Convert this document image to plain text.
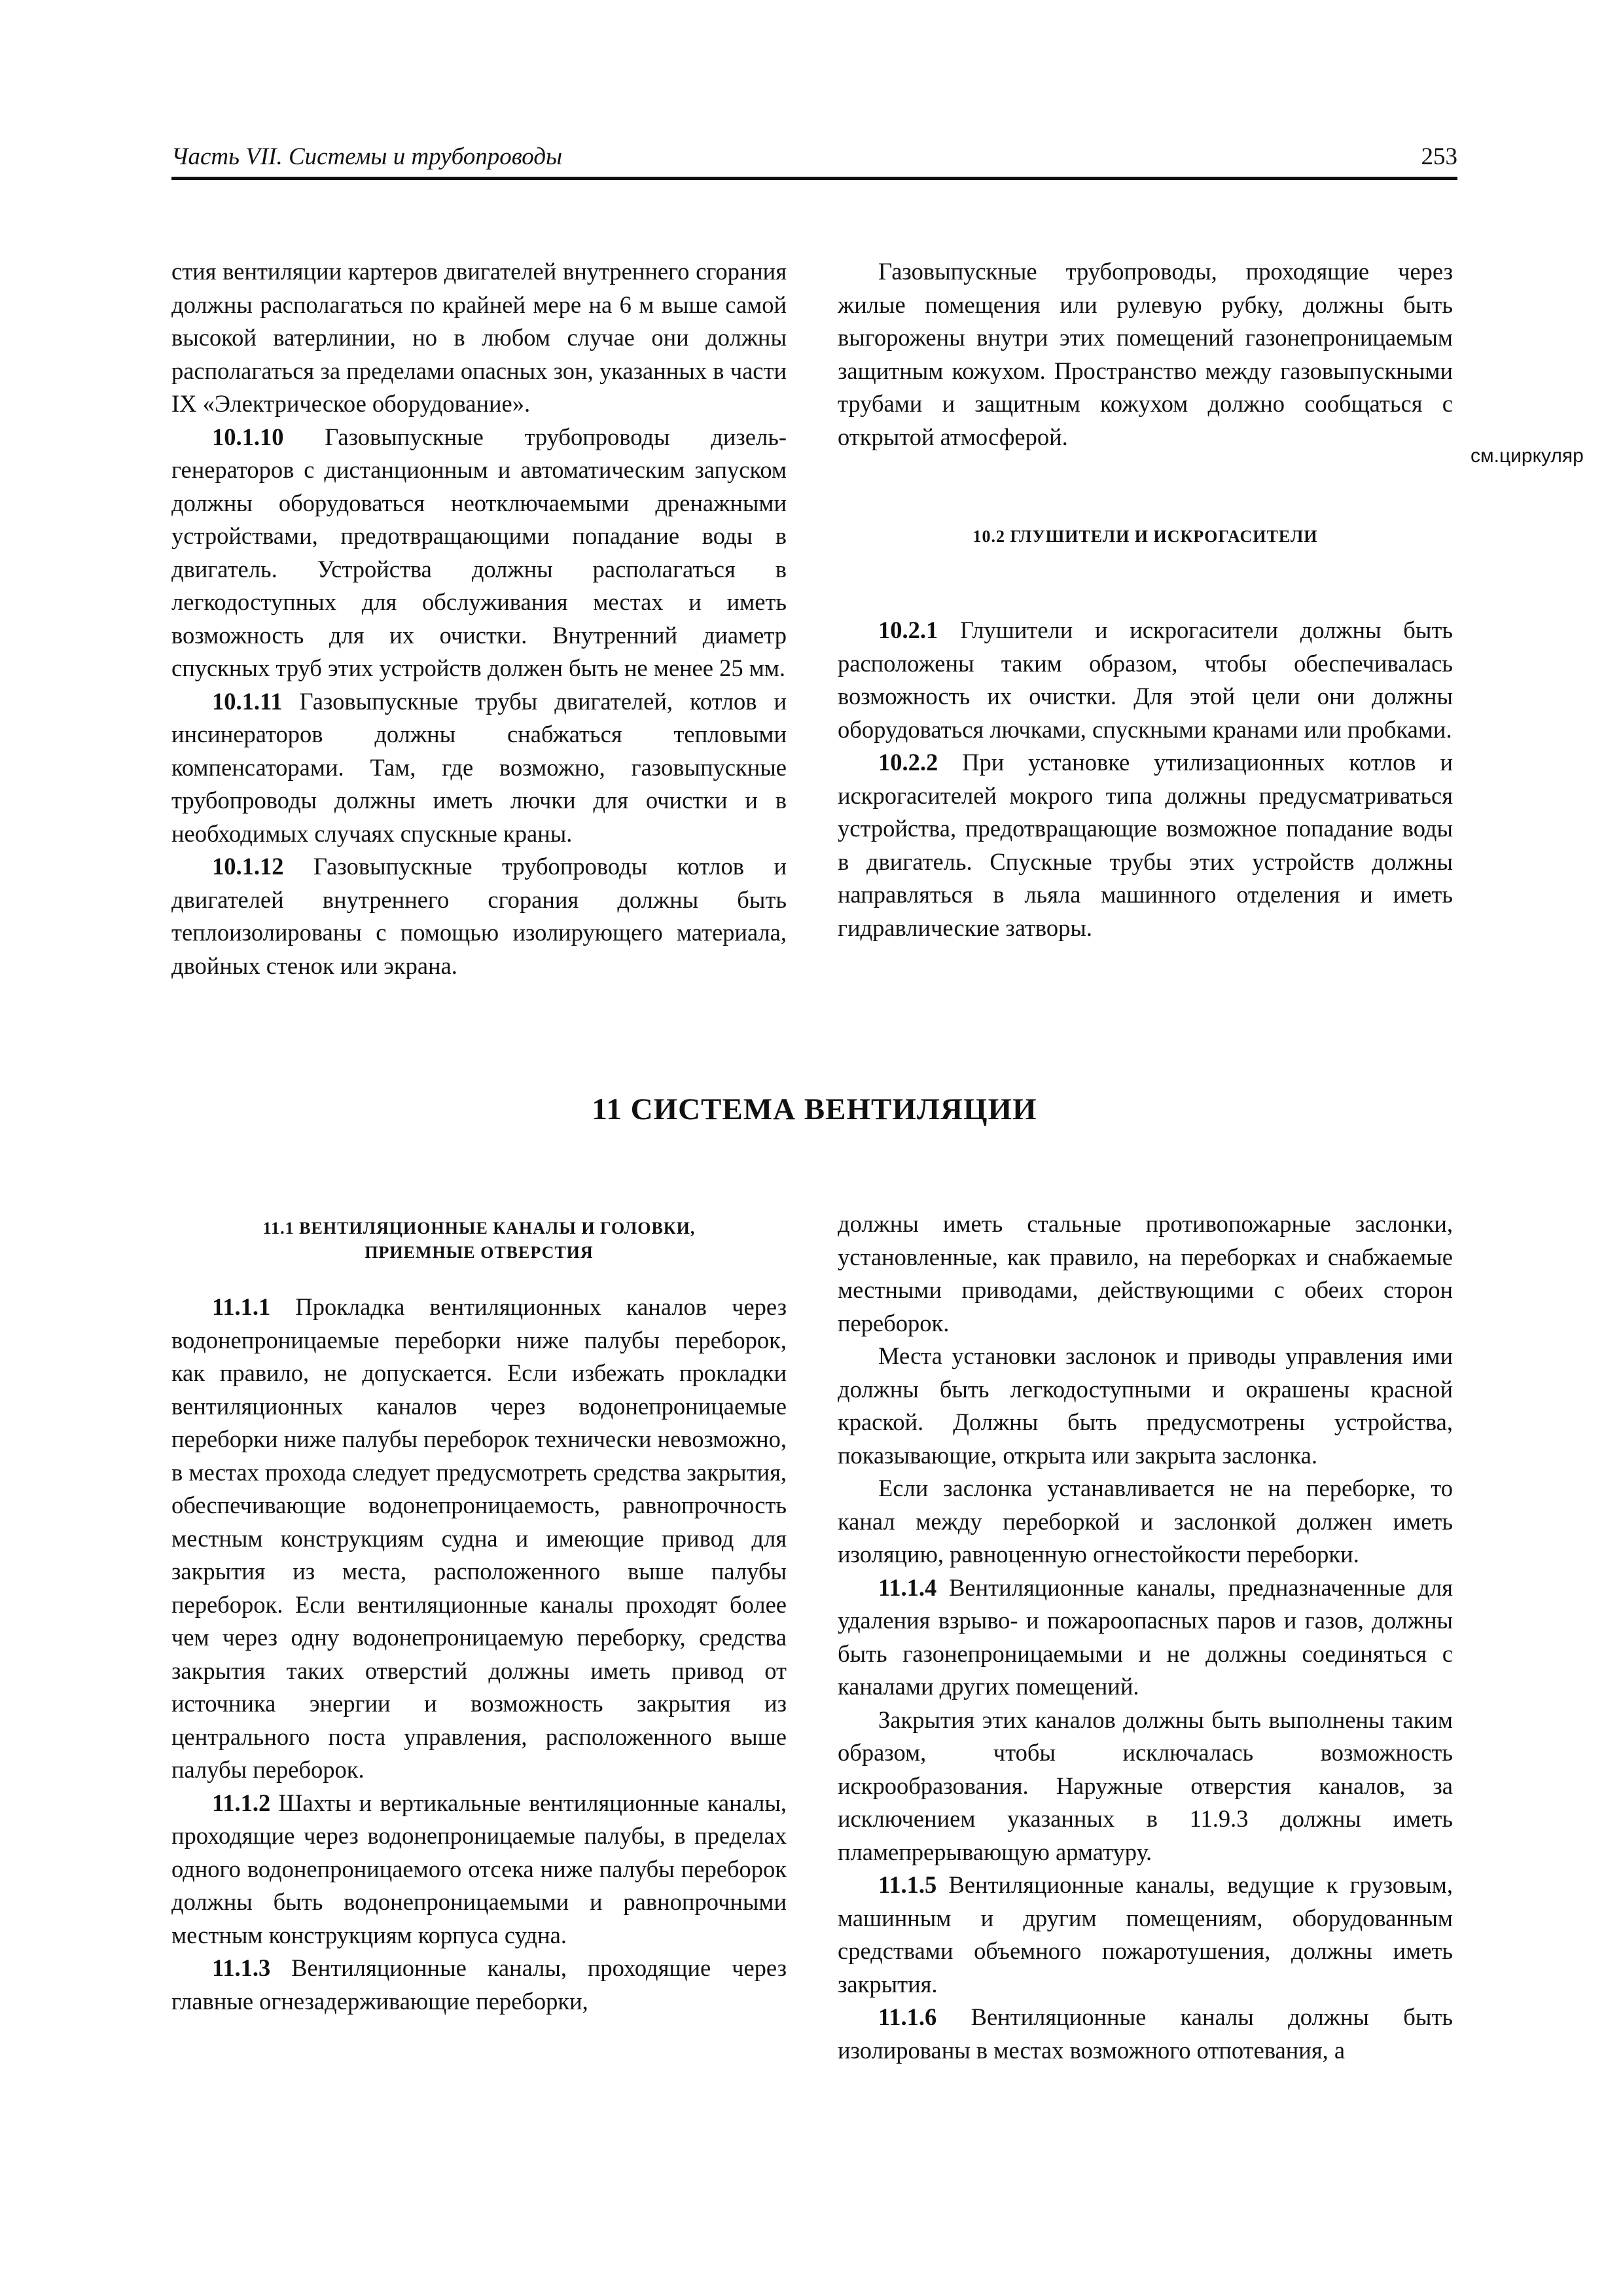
Часть VII. Системы и трубопроводы	253
см.циркуляр

стия вентиляции картеров двигателей внутреннего сгорания должны располагаться по крайней мере на 6 м выше самой высокой ватерлинии, но в любом случае они должны располагаться за пределами опасных зон, указанных в части IX «Электрическое оборудование».

10.1.10 Газовыпускные трубопроводы дизель-генераторов с дистанционным и автоматическим запуском должны оборудоваться неотключаемыми дренажными устройствами, предотвращающими попадание воды в двигатель. Устройства должны располагаться в легкодоступных для обслуживания местах и иметь возможность для их очистки. Внутренний диаметр спускных труб этих устройств должен быть не менее 25 мм.

10.1.11 Газовыпускные трубы двигателей, котлов и инсинераторов должны снабжаться тепловыми компенсаторами. Там, где возможно, газовыпускные трубопроводы должны иметь лючки для очистки и в необходимых случаях спускные краны.

10.1.12 Газовыпускные трубопроводы котлов и двигателей внутреннего сгорания должны быть теплоизолированы с помощью изолирующего материала, двойных стенок или экрана.

Газовыпускные трубопроводы, проходящие через жилые помещения или рулевую рубку, должны быть выгорожены внутри этих помещений газонепроницаемым защитным кожухом. Пространство между газовыпускными трубами и защитным кожухом должно сообщаться с открытой атмосферой.

10.2 ГЛУШИТЕЛИ И ИСКРОГАСИТЕЛИ

10.2.1 Глушители и искрогасители должны быть расположены таким образом, чтобы обеспечивалась возможность их очистки. Для этой цели они должны оборудоваться лючками, спускными кранами или пробками.

10.2.2 При установке утилизационных котлов и искрогасителей мокрого типа должны предусматриваться устройства, предотвращающие возможное попадание воды в двигатель. Спускные трубы этих устройств должны направляться в льяла машинного отделения и иметь гидравлические затворы.

11 СИСТЕМА ВЕНТИЛЯЦИИ
11.1 ВЕНТИЛЯЦИОННЫЕ КАНАЛЫ И ГОЛОВКИ,
ПРИЕМНЫЕ ОТВЕРСТИЯ

11.1.1 Прокладка вентиляционных каналов через водонепроницаемые переборки ниже палубы переборок, как правило, не допускается. Если избежать прокладки вентиляционных каналов через водонепроницаемые переборки ниже палубы переборок технически невозможно, в местах прохода следует предусмотреть средства закрытия, обеспечивающие водонепроницаемость, равнопрочность местным конструкциям судна и имеющие привод для закрытия из места, расположенного выше палубы переборок. Если вентиляционные каналы проходят более чем через одну водонепроницаемую переборку, средства закрытия таких отверстий должны иметь привод от источника энергии и возможность закрытия из центрального поста управления, расположенного выше палубы переборок.

11.1.2 Шахты и вертикальные вентиляционные каналы, проходящие через водонепроницаемые палубы, в пределах одного водонепроницаемого отсека ниже палубы переборок должны быть водонепроницаемыми и равнопрочными местным конструкциям корпуса судна.

11.1.3 Вентиляционные каналы, проходящие через главные огнезадерживающие переборки,

должны иметь стальные противопожарные заслонки, установленные, как правило, на переборках и снабжаемые местными приводами, действующими с обеих сторон переборок.

Места установки заслонок и приводы управления ими должны быть легкодоступными и окрашены красной краской. Должны быть предусмотрены устройства, показывающие, открыта или закрыта заслонка.

Если заслонка устанавливается не на переборке, то канал между переборкой и заслонкой должен иметь изоляцию, равноценную огнестойкости переборки.

11.1.4 Вентиляционные каналы, предназначенные для удаления взрыво- и пожароопасных паров и газов, должны быть газонепроницаемыми и не должны соединяться с каналами других помещений.

Закрытия этих каналов должны быть выполнены таким образом, чтобы исключалась возможность искрообразования. Наружные отверстия каналов, за исключением указанных в 11.9.3 должны иметь пламепрерывающую арматуру.

11.1.5 Вентиляционные каналы, ведущие к грузовым, машинным и другим помещениям, оборудованным средствами объемного пожаротушения, должны иметь закрытия.

11.1.6 Вентиляционные каналы должны быть изолированы в местах возможного отпотевания, а
